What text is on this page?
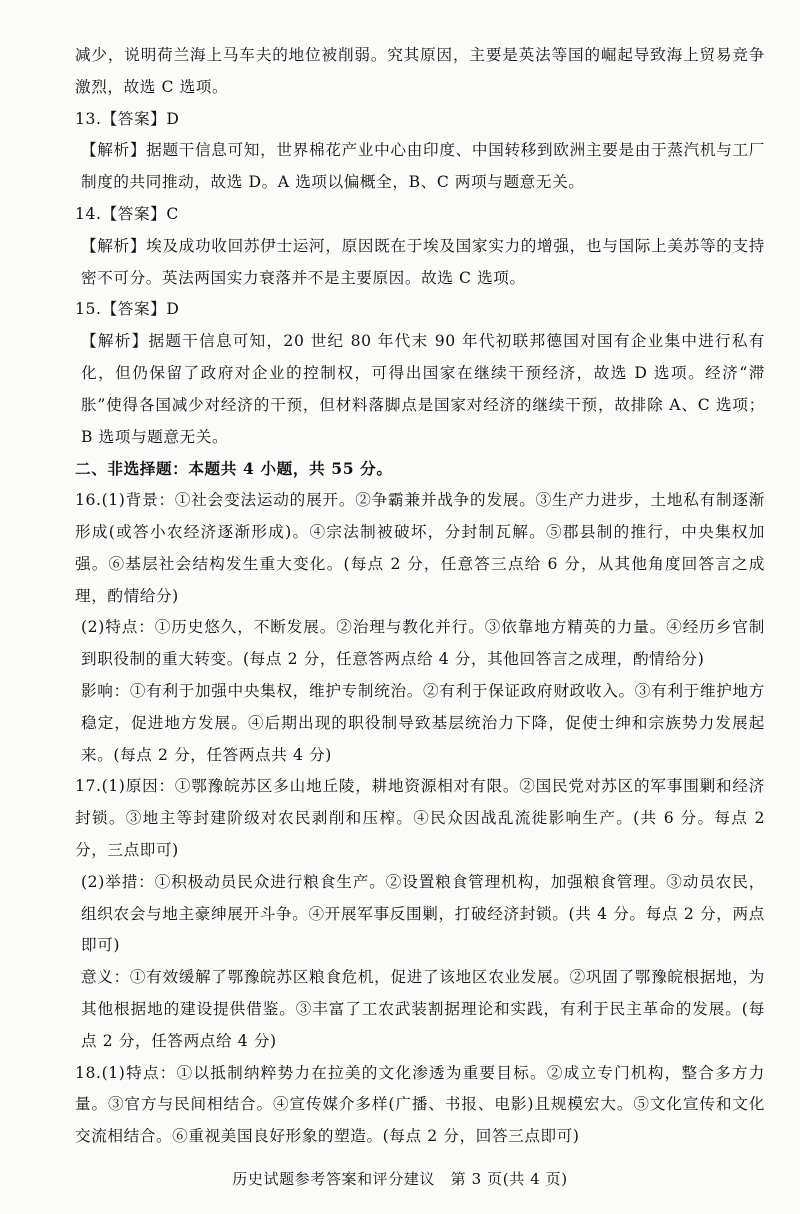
减少，说明荷兰海上马车夫的地位被削弱。究其原因，主要是英法等国的崛起导致海上贸易竞争激烈，故选 C 选项。

13.【答案】D

【解析】据题干信息可知，世界棉花产业中心由印度、中国转移到欧洲主要是由于蒸汽机与工厂制度的共同推动，故选 D。A 选项以偏概全，B、C 两项与题意无关。

14.【答案】C

【解析】埃及成功收回苏伊士运河，原因既在于埃及国家实力的增强，也与国际上美苏等的支持密不可分。英法两国实力衰落并不是主要原因。故选 C 选项。

15.【答案】D

【解析】据题干信息可知，20 世纪 80 年代末 90 年代初联邦德国对国有企业集中进行私有化，但仍保留了政府对企业的控制权，可得出国家在继续干预经济，故选 D 选项。经济“滞胀”使得各国减少对经济的干预，但材料落脚点是国家对经济的继续干预，故排除 A、C 选项；B 选项与题意无关。

二、非选择题：本题共 4 小题，共 55 分。

16.(1)背景：①社会变法运动的展开。②争霸兼并战争的发展。③生产力进步，土地私有制逐渐形成(或答小农经济逐渐形成)。④宗法制被破坏，分封制瓦解。⑤郡县制的推行，中央集权加强。⑥基层社会结构发生重大变化。(每点 2 分，任意答三点给 6 分，从其他角度回答言之成理，酌情给分)

(2)特点：①历史悠久，不断发展。②治理与教化并行。③依靠地方精英的力量。④经历乡官制到职役制的重大转变。(每点 2 分，任意答两点给 4 分，其他回答言之成理，酌情给分)

影响：①有利于加强中央集权，维护专制统治。②有利于保证政府财政收入。③有利于维护地方稳定，促进地方发展。④后期出现的职役制导致基层统治力下降，促使士绅和宗族势力发展起来。(每点 2 分，任答两点共 4 分)

17.(1)原因：①鄂豫皖苏区多山地丘陵，耕地资源相对有限。②国民党对苏区的军事围剿和经济封锁。③地主等封建阶级对农民剥削和压榨。④民众因战乱流徙影响生产。(共 6 分。每点 2 分，三点即可)

(2)举措：①积极动员民众进行粮食生产。②设置粮食管理机构，加强粮食管理。③动员农民，组织农会与地主豪绅展开斗争。④开展军事反围剿，打破经济封锁。(共 4 分。每点 2 分，两点即可)

意义：①有效缓解了鄂豫皖苏区粮食危机，促进了该地区农业发展。②巩固了鄂豫皖根据地，为其他根据地的建设提供借鉴。③丰富了工农武装割据理论和实践，有利于民主革命的发展。(每点 2 分，任答两点给 4 分)

18.(1)特点：①以抵制纳粹势力在拉美的文化渗透为重要目标。②成立专门机构，整合多方力量。③官方与民间相结合。④宣传媒介多样(广播、书报、电影)且规模宏大。⑤文化宣传和文化交流相结合。⑥重视美国良好形象的塑造。(每点 2 分，回答三点即可)

历史试题参考答案和评分建议　第 3 页(共 4 页)
